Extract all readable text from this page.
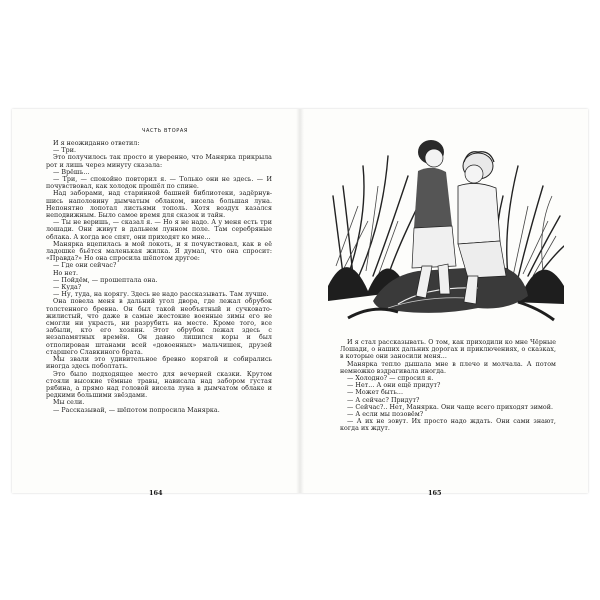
ЧАСТЬ ВТОРАЯ

И я неожиданно ответил:

— Три.

Это получилось так просто и уверенно, что Манярка прикрыла рот и лишь через минуту сказала:

— Врёшь...

— Три, — спокойно повторил я. — Только они не здесь. — И почувствовал, как холодок прошёл по спине.

Над заборами, над старинной башней библиотеки, задёрнувшись наполовину дымчатым облаком, висела большая луна. Непонятно лопотал листьями тополь. Хотя воздух казался неподвижным. Было самое время для сказок и тайн.

— Ты не веришь, — сказал я. — Но я не надо. А у меня есть три лошади. Они живут в дальнем лунном поле. Там серебряные облака. А когда все спят, они приходят ко мне...

Манярка вцепилась в мой локоть, и я почувствовал, как в её ладошке бьётся маленькая жилка. Я думал, что она спросит: «Правда?» Но она спросила шёпотом другое:

— Где они сейчас?

Но нет.

— Пойдём, — прошептала она.

— Куда?

— Ну, туда, на корягу. Здесь не надо рассказывать. Там лучше.

Она повела меня в дальний угол двора, где лежал обрубок толстенного бревна. Он был такой необъятный и сучковато-жилистый, что даже в самые жестокие военные зимы его не смогли ни украсть, ни разрубить на месте. Кроме того, все забыли, кто его хозяин. Этот обрубок лежал здесь с незапамятных времён. Он давно лишился коры и был отполирован штанами всей «довоенных» мальчишек, друзей старшего Славкиного брата.

Мы звали это удивительное бревно корягой и собирались иногда здесь поболтать.

Это было подходящее место для вечерней сказки. Крутом стояли высокие тёмные травы, нависала над забором густая рябина, а прямо над головой висела луна в дымчатом облаке и редкими большими звёздами.

Мы сели.

— Рассказывай, — шёпотом попросила Манярка.

164

И я стал рассказывать. О том, как приходили ко мне Чёрные Лошади, о наших дальних дорогах и приключениях, о сказках, в которые они заносили меня...

Манярка тепло дышала мне в плечо и молчала. А потом немножко вздрагивала иногда.

— Холодно? — спросил я.

— Нет... А они ещё придут?

— Может быть...

— А сейчас? Придут?

— Сейчас?.. Нет, Манярка. Они чаще всего приходят зимой.

— А если мы позовём?

— А их не зовут. Их просто надо ждать. Они сами знают, когда их ждут.

165
